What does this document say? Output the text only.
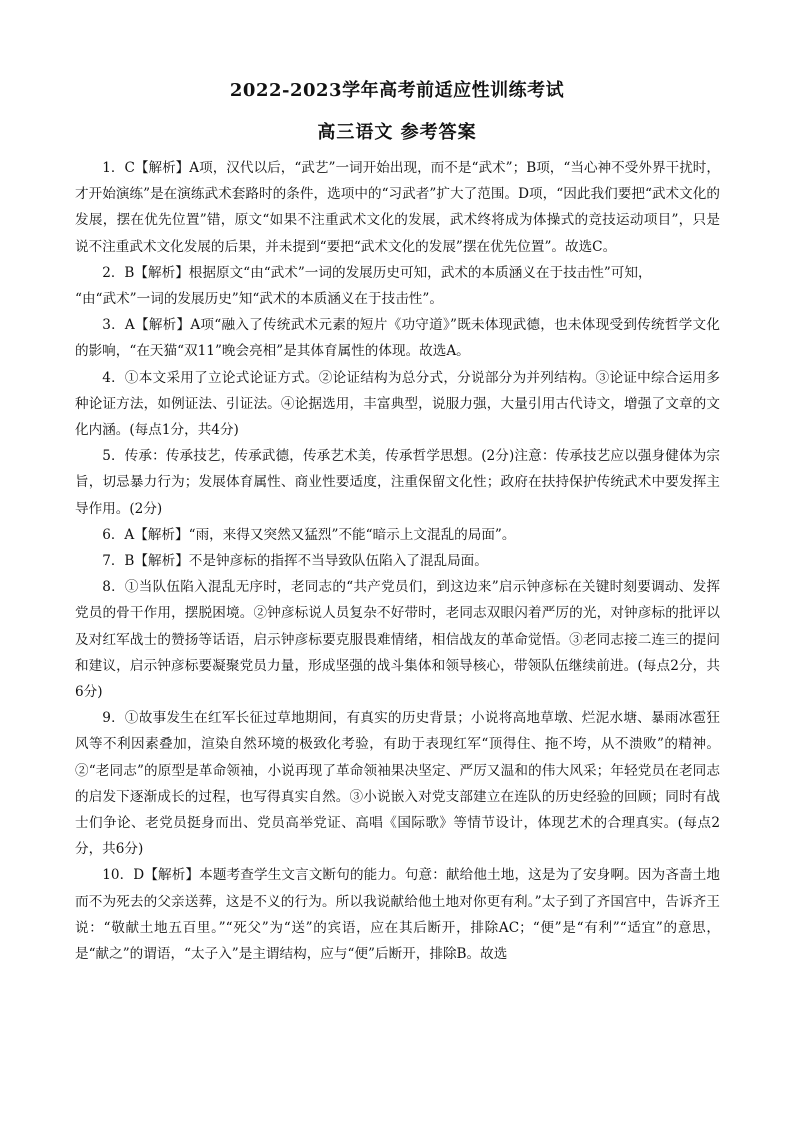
2022-2023学年高考前适应性训练考试
高三语文 参考答案

1．C【解析】A项，汉代以后，“武艺”一词开始出现，而不是“武术”；B项，“当心神不受外界干扰时，才开始演练”是在演练武术套路时的条件，选项中的“习武者”扩大了范围。D项，“因此我们要把“武术文化的发展，摆在优先位置”错，原文“如果不注重武术文化的发展，武术终将成为体操式的竞技运动项目”，只是说不注重武术文化发展的后果，并未提到“要把“武术文化的发展”摆在优先位置”。故选C。

2．B【解析】根据原文“由“武术”一词的发展历史可知，武术的本质涵义在于技击性”可知，

“由“武术”一词的发展历史”知“武术的本质涵义在于技击性”。

3．A【解析】A项“融入了传统武术元素的短片《功守道》”既未体现武德，也未体现受到传统哲学文化的影响，“在天猫“双11”晚会亮相”是其体育属性的体现。故选A。

4．①本文采用了立论式论证方式。②论证结构为总分式，分说部分为并列结构。③论证中综合运用多种论证方法，如例证法、引证法。④论据选用，丰富典型，说服力强，大量引用古代诗文，增强了文章的文化内涵。(每点1分，共4分)

5．传承：传承技艺，传承武德，传承艺术美，传承哲学思想。(2分)注意：传承技艺应以强身健体为宗旨，切忌暴力行为；发展体育属性、商业性要适度，注重保留文化性；政府在扶持保护传统武术中要发挥主导作用。(2分)

6．A【解析】“雨，来得又突然又猛烈”不能“暗示上文混乱的局面”。

7．B【解析】不是钟彦标的指挥不当导致队伍陷入了混乱局面。

8．①当队伍陷入混乱无序时，老同志的“共产党员们，到这边来”启示钟彦标在关键时刻要调动、发挥党员的骨干作用，摆脱困境。②钟彦标说人员复杂不好带时，老同志双眼闪着严厉的光，对钟彦标的批评以及对红军战士的赞扬等话语，启示钟彦标要克服畏难情绪，相信战友的革命觉悟。③老同志接二连三的提问和建议，启示钟彦标要凝聚党员力量，形成坚强的战斗集体和领导核心，带领队伍继续前进。(每点2分，共6分)

9．①故事发生在红军长征过草地期间，有真实的历史背景；小说将高地草墩、烂泥水塘、暴雨冰雹狂风等不利因素叠加，渲染自然环境的极致化考验，有助于表现红军“顶得住、拖不垮，从不溃败”的精神。②“老同志”的原型是革命领袖，小说再现了革命领袖果决坚定、严厉又温和的伟大风采；年轻党员在老同志的启发下逐渐成长的过程，也写得真实自然。③小说嵌入对党支部建立在连队的历史经验的回顾；同时有战士们争论、老党员挺身而出、党员高举党证、高唱《国际歌》等情节设计，体现艺术的合理真实。(每点2分，共6分)

10．D【解析】本题考查学生文言文断句的能力。句意：献给他土地，这是为了安身啊。因为吝啬土地而不为死去的父亲送葬，这是不义的行为。所以我说献给他土地对你更有利。”太子到了齐国宫中，告诉齐王说：“敬献土地五百里。”“死父”为“送”的宾语，应在其后断开，排除AC；“便”是“有利”“适宜”的意思，是“献之”的谓语，“太子入”是主谓结构，应与“便”后断开，排除B。故选
